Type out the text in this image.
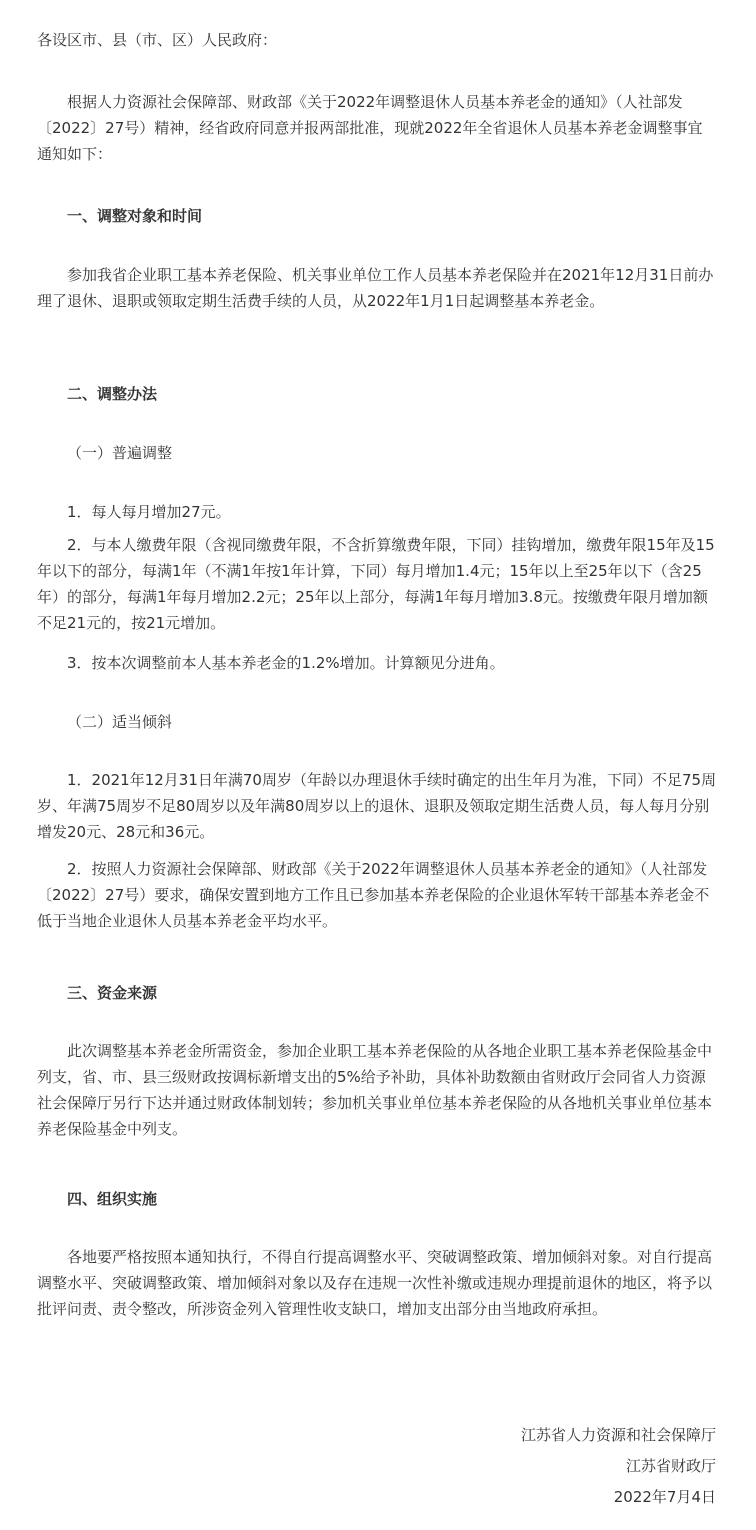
各设区市、县（市、区）人民政府：

根据人力资源社会保障部、财政部《关于2022年调整退休人员基本养老金的通知》（人社部发〔2022〕27号）精神，经省政府同意并报两部批准，现就2022年全省退休人员基本养老金调整事宜通知如下：

一、调整对象和时间

参加我省企业职工基本养老保险、机关事业单位工作人员基本养老保险并在2021年12月31日前办理了退休、退职或领取定期生活费手续的人员，从2022年1月1日起调整基本养老金。

二、调整办法

（一）普遍调整

1．每人每月增加27元。

2．与本人缴费年限（含视同缴费年限，不含折算缴费年限，下同）挂钩增加，缴费年限15年及15年以下的部分，每满1年（不满1年按1年计算，下同）每月增加1.4元；15年以上至25年以下（含25年）的部分，每满1年每月增加2.2元；25年以上部分，每满1年每月增加3.8元。按缴费年限月增加额不足21元的，按21元增加。

3．按本次调整前本人基本养老金的1.2%增加。计算额见分进角。

（二）适当倾斜

1．2021年12月31日年满70周岁（年龄以办理退休手续时确定的出生年月为准，下同）不足75周岁、年满75周岁不足80周岁以及年满80周岁以上的退休、退职及领取定期生活费人员，每人每月分别增发20元、28元和36元。

2．按照人力资源社会保障部、财政部《关于2022年调整退休人员基本养老金的通知》（人社部发〔2022〕27号）要求，确保安置到地方工作且已参加基本养老保险的企业退休军转干部基本养老金不低于当地企业退休人员基本养老金平均水平。

三、资金来源

此次调整基本养老金所需资金，参加企业职工基本养老保险的从各地企业职工基本养老保险基金中列支，省、市、县三级财政按调标新增支出的5%给予补助，具体补助数额由省财政厅会同省人力资源社会保障厅另行下达并通过财政体制划转；参加机关事业单位基本养老保险的从各地机关事业单位基本养老保险基金中列支。

四、组织实施

各地要严格按照本通知执行，不得自行提高调整水平、突破调整政策、增加倾斜对象。对自行提高调整水平、突破调整政策、增加倾斜对象以及存在违规一次性补缴或违规办理提前退休的地区，将予以批评问责、责令整改，所涉资金列入管理性收支缺口，增加支出部分由当地政府承担。

江苏省人力资源和社会保障厅
江苏省财政厅
2022年7月4日
